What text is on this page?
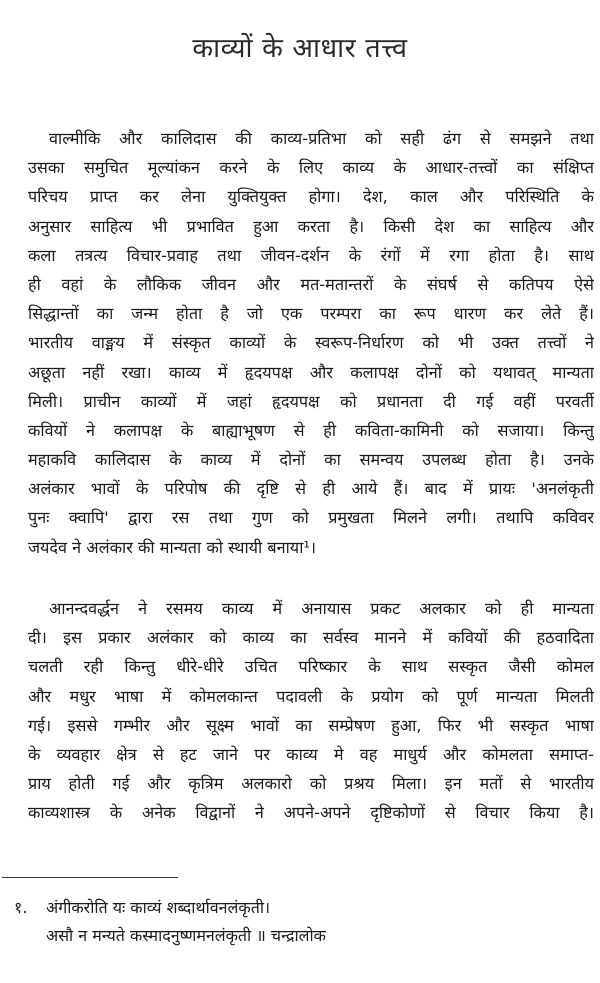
काव्यों के आधार तत्त्व
वाल्मीकि और कालिदास की काव्य-प्रतिभा को सही ढंग से समझने तथा
उसका समुचित मूल्यांकन करने के लिए काव्य के आधार-तत्त्वों का संक्षिप्त
परिचय प्राप्त कर लेना युक्तियुक्त होगा। देश, काल और परिस्थिति के
अनुसार साहित्य भी प्रभावित हुआ करता है। किसी देश का साहित्य और
कला तत्रत्य विचार-प्रवाह तथा जीवन-दर्शन के रंगों में रगा होता है। साथ
ही वहां के लौकिक जीवन और मत-मतान्तरों के संघर्ष से कतिपय ऐसे
सिद्धान्तों का जन्म होता है जो एक परम्परा का रूप धारण कर लेते हैं।
भारतीय वाङ्मय में संस्कृत काव्यों के स्वरूप-निर्धारण को भी उक्त तत्त्वों ने
अछूता नहीं रखा। काव्य में हृदयपक्ष और कलापक्ष दोनों को यथावत् मान्यता
मिली। प्राचीन काव्यों में जहां हृदयपक्ष को प्रधानता दी गई वहीं परवर्ती
कवियों ने कलापक्ष के बाह्याभूषण से ही कविता-कामिनी को सजाया। किन्तु
महाकवि कालिदास के काव्य में दोनों का समन्वय उपलब्ध होता है। उनके
अलंकार भावों के परिपोष की दृष्टि से ही आये हैं। बाद में प्रायः 'अनलंकृती
पुनः क्वापि' द्वारा रस तथा गुण को प्रमुखता मिलने लगी। तथापि कविवर
जयदेव ने अलंकार की मान्यता को स्थायी बनाया¹।
आनन्दवर्द्धन ने रसमय काव्य में अनायास प्रकट अलकार को ही मान्यता
दी। इस प्रकार अलंकार को काव्य का सर्वस्व मानने में कवियों की हठवादिता
चलती रही किन्तु धीरे-धीरे उचित परिष्कार के साथ सस्कृत जैसी कोमल
और मधुर भाषा में कोमलकान्त पदावली के प्रयोग को पूर्ण मान्यता मिलती
गई। इससे गम्भीर और सूक्ष्म भावों का सम्प्रेषण हुआ, फिर भी सस्कृत भाषा
के व्यवहार क्षेत्र से हट जाने पर काव्य मे वह माधुर्य और कोमलता समाप्त-
प्राय होती गई और कृत्रिम अलकारो को प्रश्रय मिला। इन मतों से भारतीय
काव्यशास्त्र के अनेक विद्वानों ने अपने-अपने दृष्टिकोणों से विचार किया है।
१. अंगीकरोति यः काव्यं शब्दार्थावनलंकृती।
असौ न मन्यते कस्मादनुष्णमनलंकृती ॥ चन्द्रालोक
